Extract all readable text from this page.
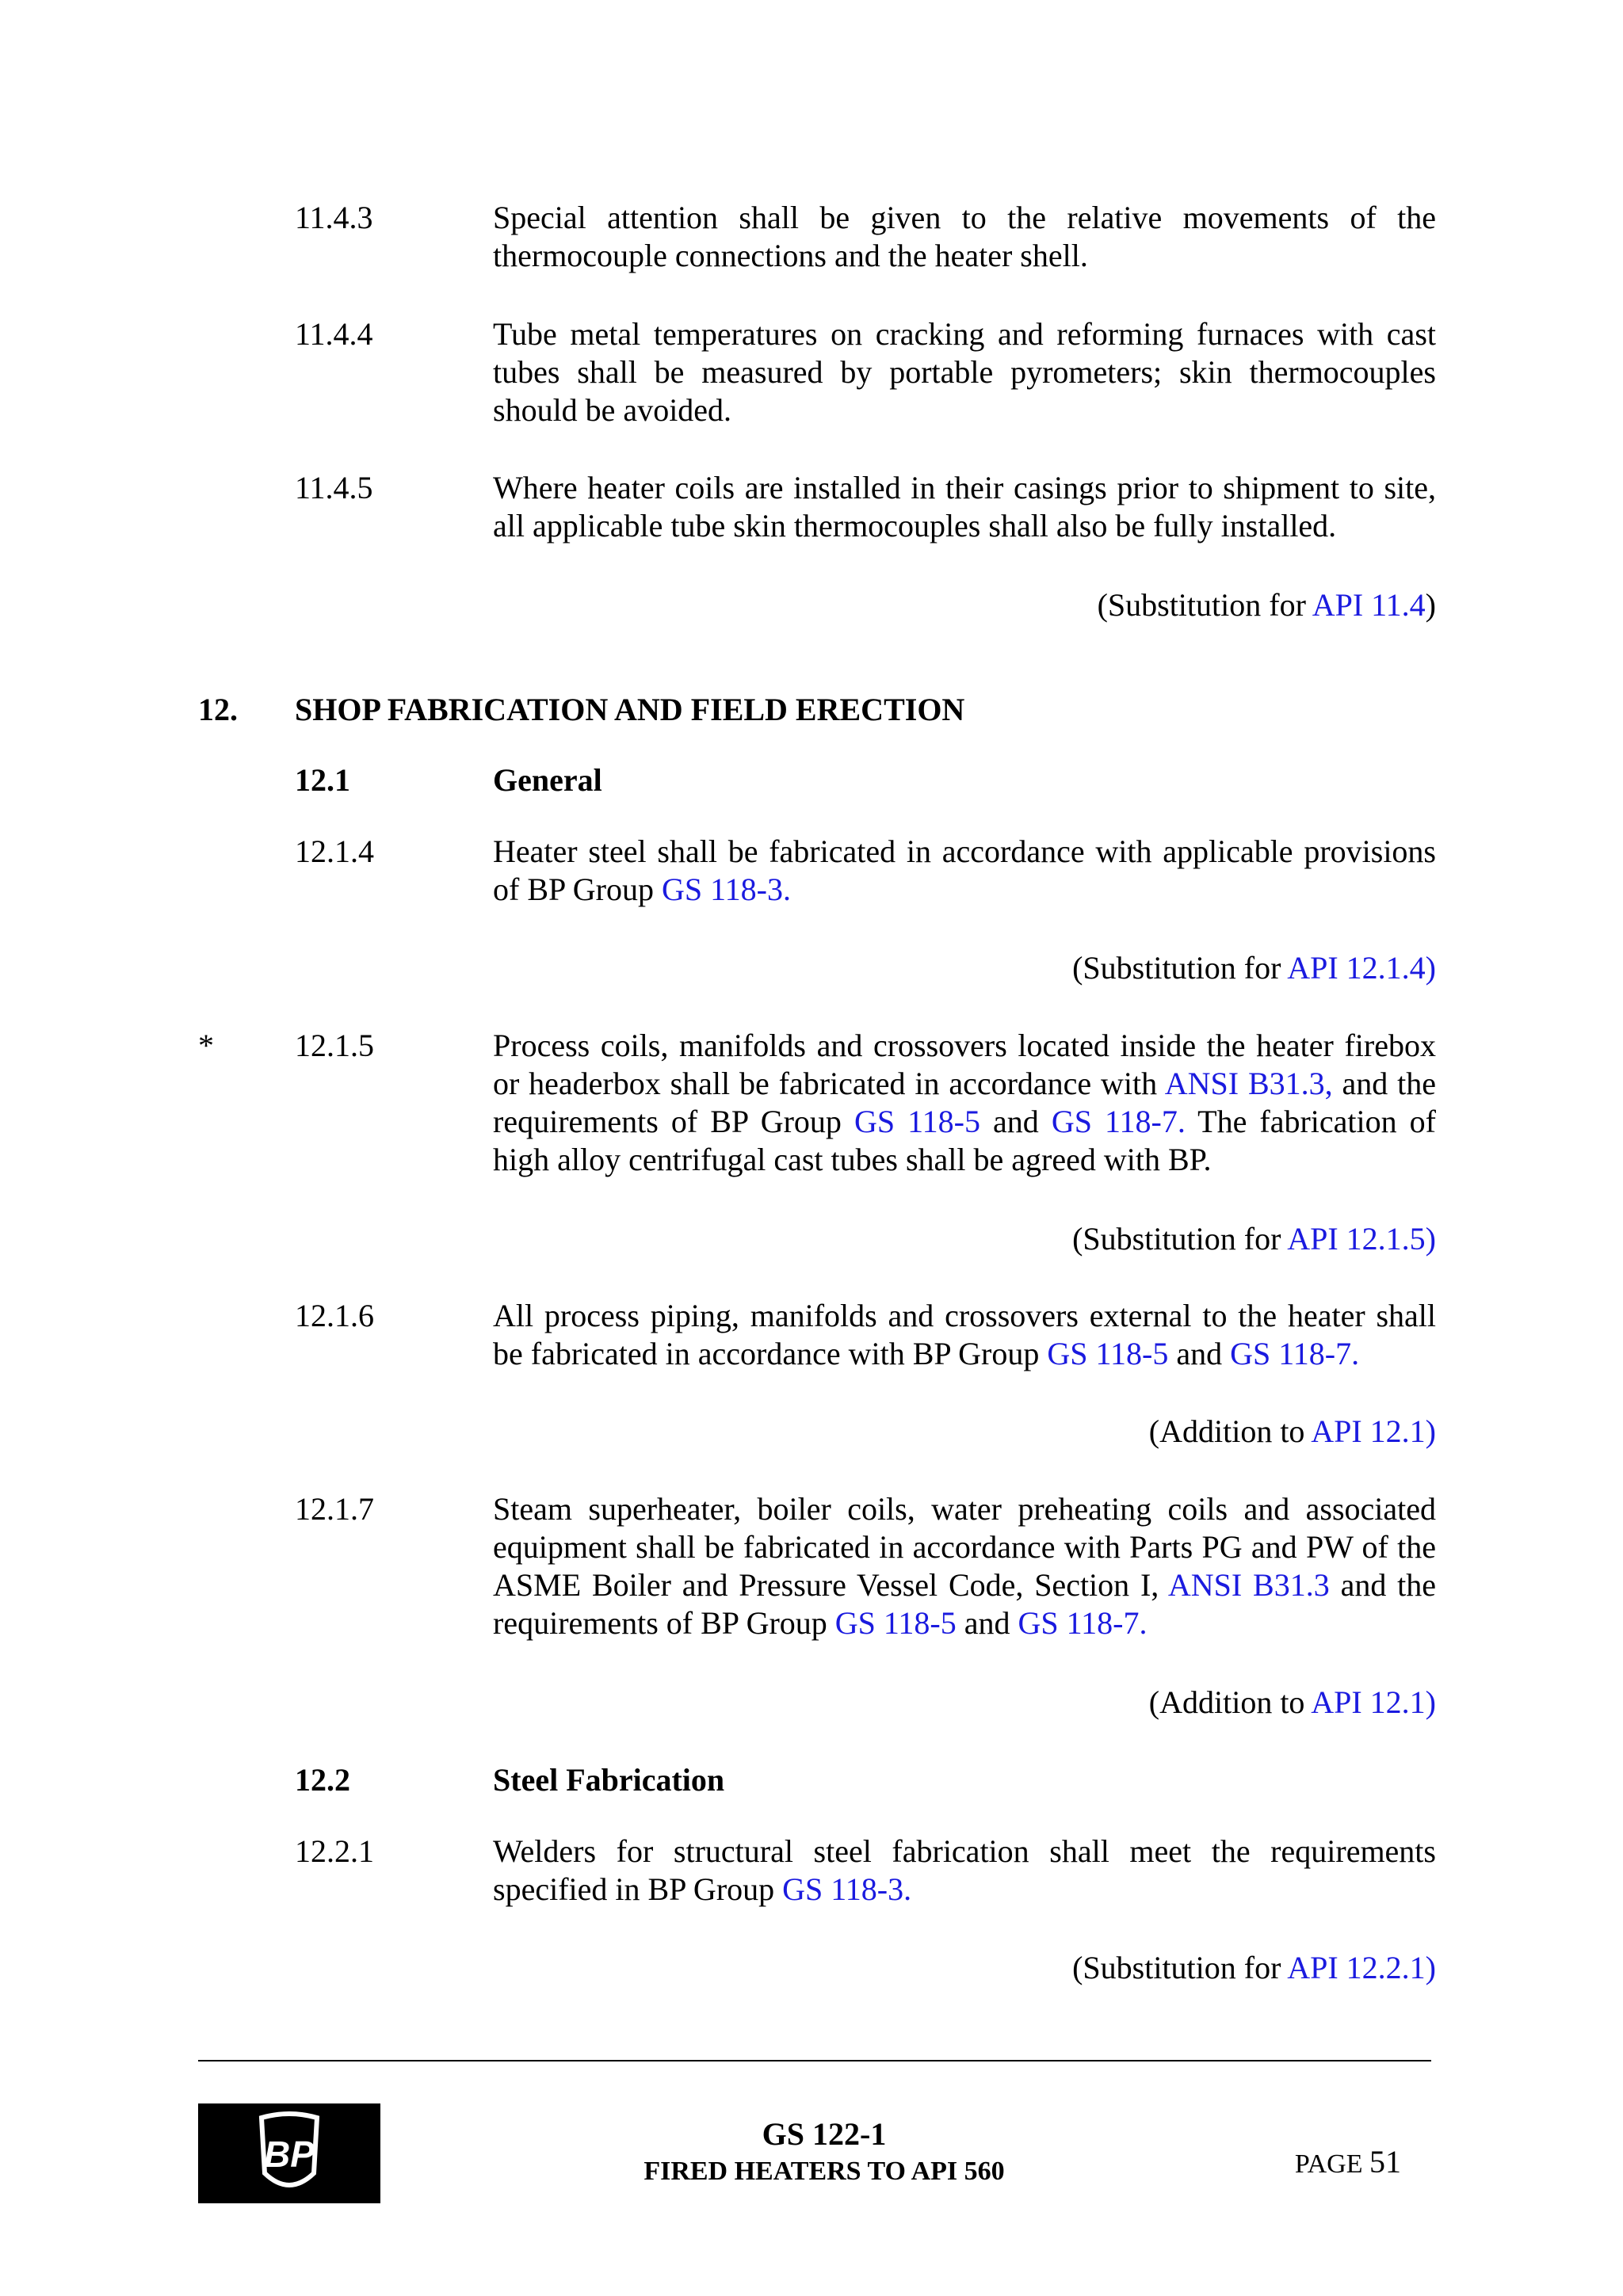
11.4.3	Special attention shall be given to the relative movements of the thermocouple connections and the heater shell.
11.4.4	Tube metal temperatures on cracking and reforming furnaces with cast tubes shall be measured by portable pyrometers; skin thermocouples should be avoided.
11.4.5	Where heater coils are installed in their casings prior to shipment to site, all applicable tube skin thermocouples shall also be fully installed.
(Substitution for API 11.4)
12. SHOP FABRICATION AND FIELD ERECTION
12.1	General
12.1.4	Heater steel shall be fabricated in accordance with applicable provisions of BP Group GS 118-3.
(Substitution for API 12.1.4)
*	12.1.5	Process coils, manifolds and crossovers located inside the heater firebox or headerbox shall be fabricated in accordance with ANSI B31.3, and the requirements of BP Group GS 118-5 and GS 118-7. The fabrication of high alloy centrifugal cast tubes shall be agreed with BP.
(Substitution for API 12.1.5)
12.1.6	All process piping, manifolds and crossovers external to the heater shall be fabricated in accordance with BP Group GS 118-5 and GS 118-7.
(Addition to API 12.1)
12.1.7	Steam superheater, boiler coils, water preheating coils and associated equipment shall be fabricated in accordance with Parts PG and PW of the ASME Boiler and Pressure Vessel Code, Section I, ANSI B31.3 and the requirements of BP Group GS 118-5 and GS 118-7.
(Addition to API 12.1)
12.2	Steel Fabrication
12.2.1	Welders for structural steel fabrication shall meet the requirements specified in BP Group GS 118-3.
(Substitution for API 12.2.1)
BP	GS 122-1
FIRED HEATERS TO API 560	PAGE 51
